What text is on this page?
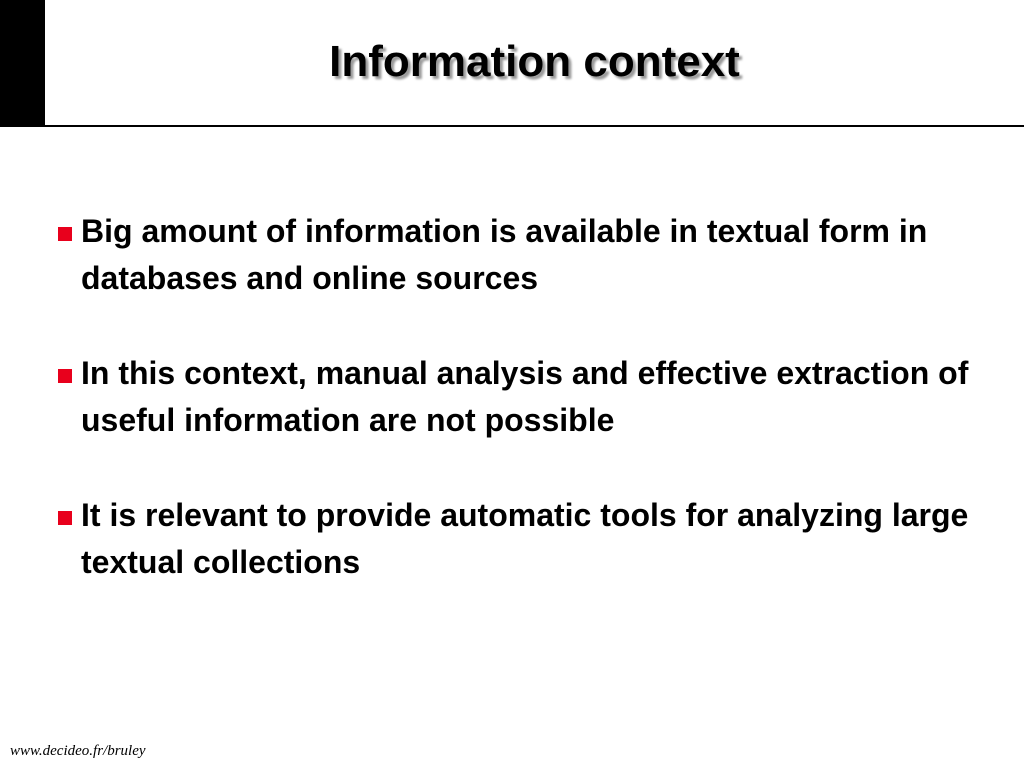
Information context
Big amount of information is available in textual form in databases and online sources
In this context, manual analysis and effective extraction of useful information are not possible
It is relevant to provide automatic tools for analyzing large textual collections
www.decideo.fr/bruley
